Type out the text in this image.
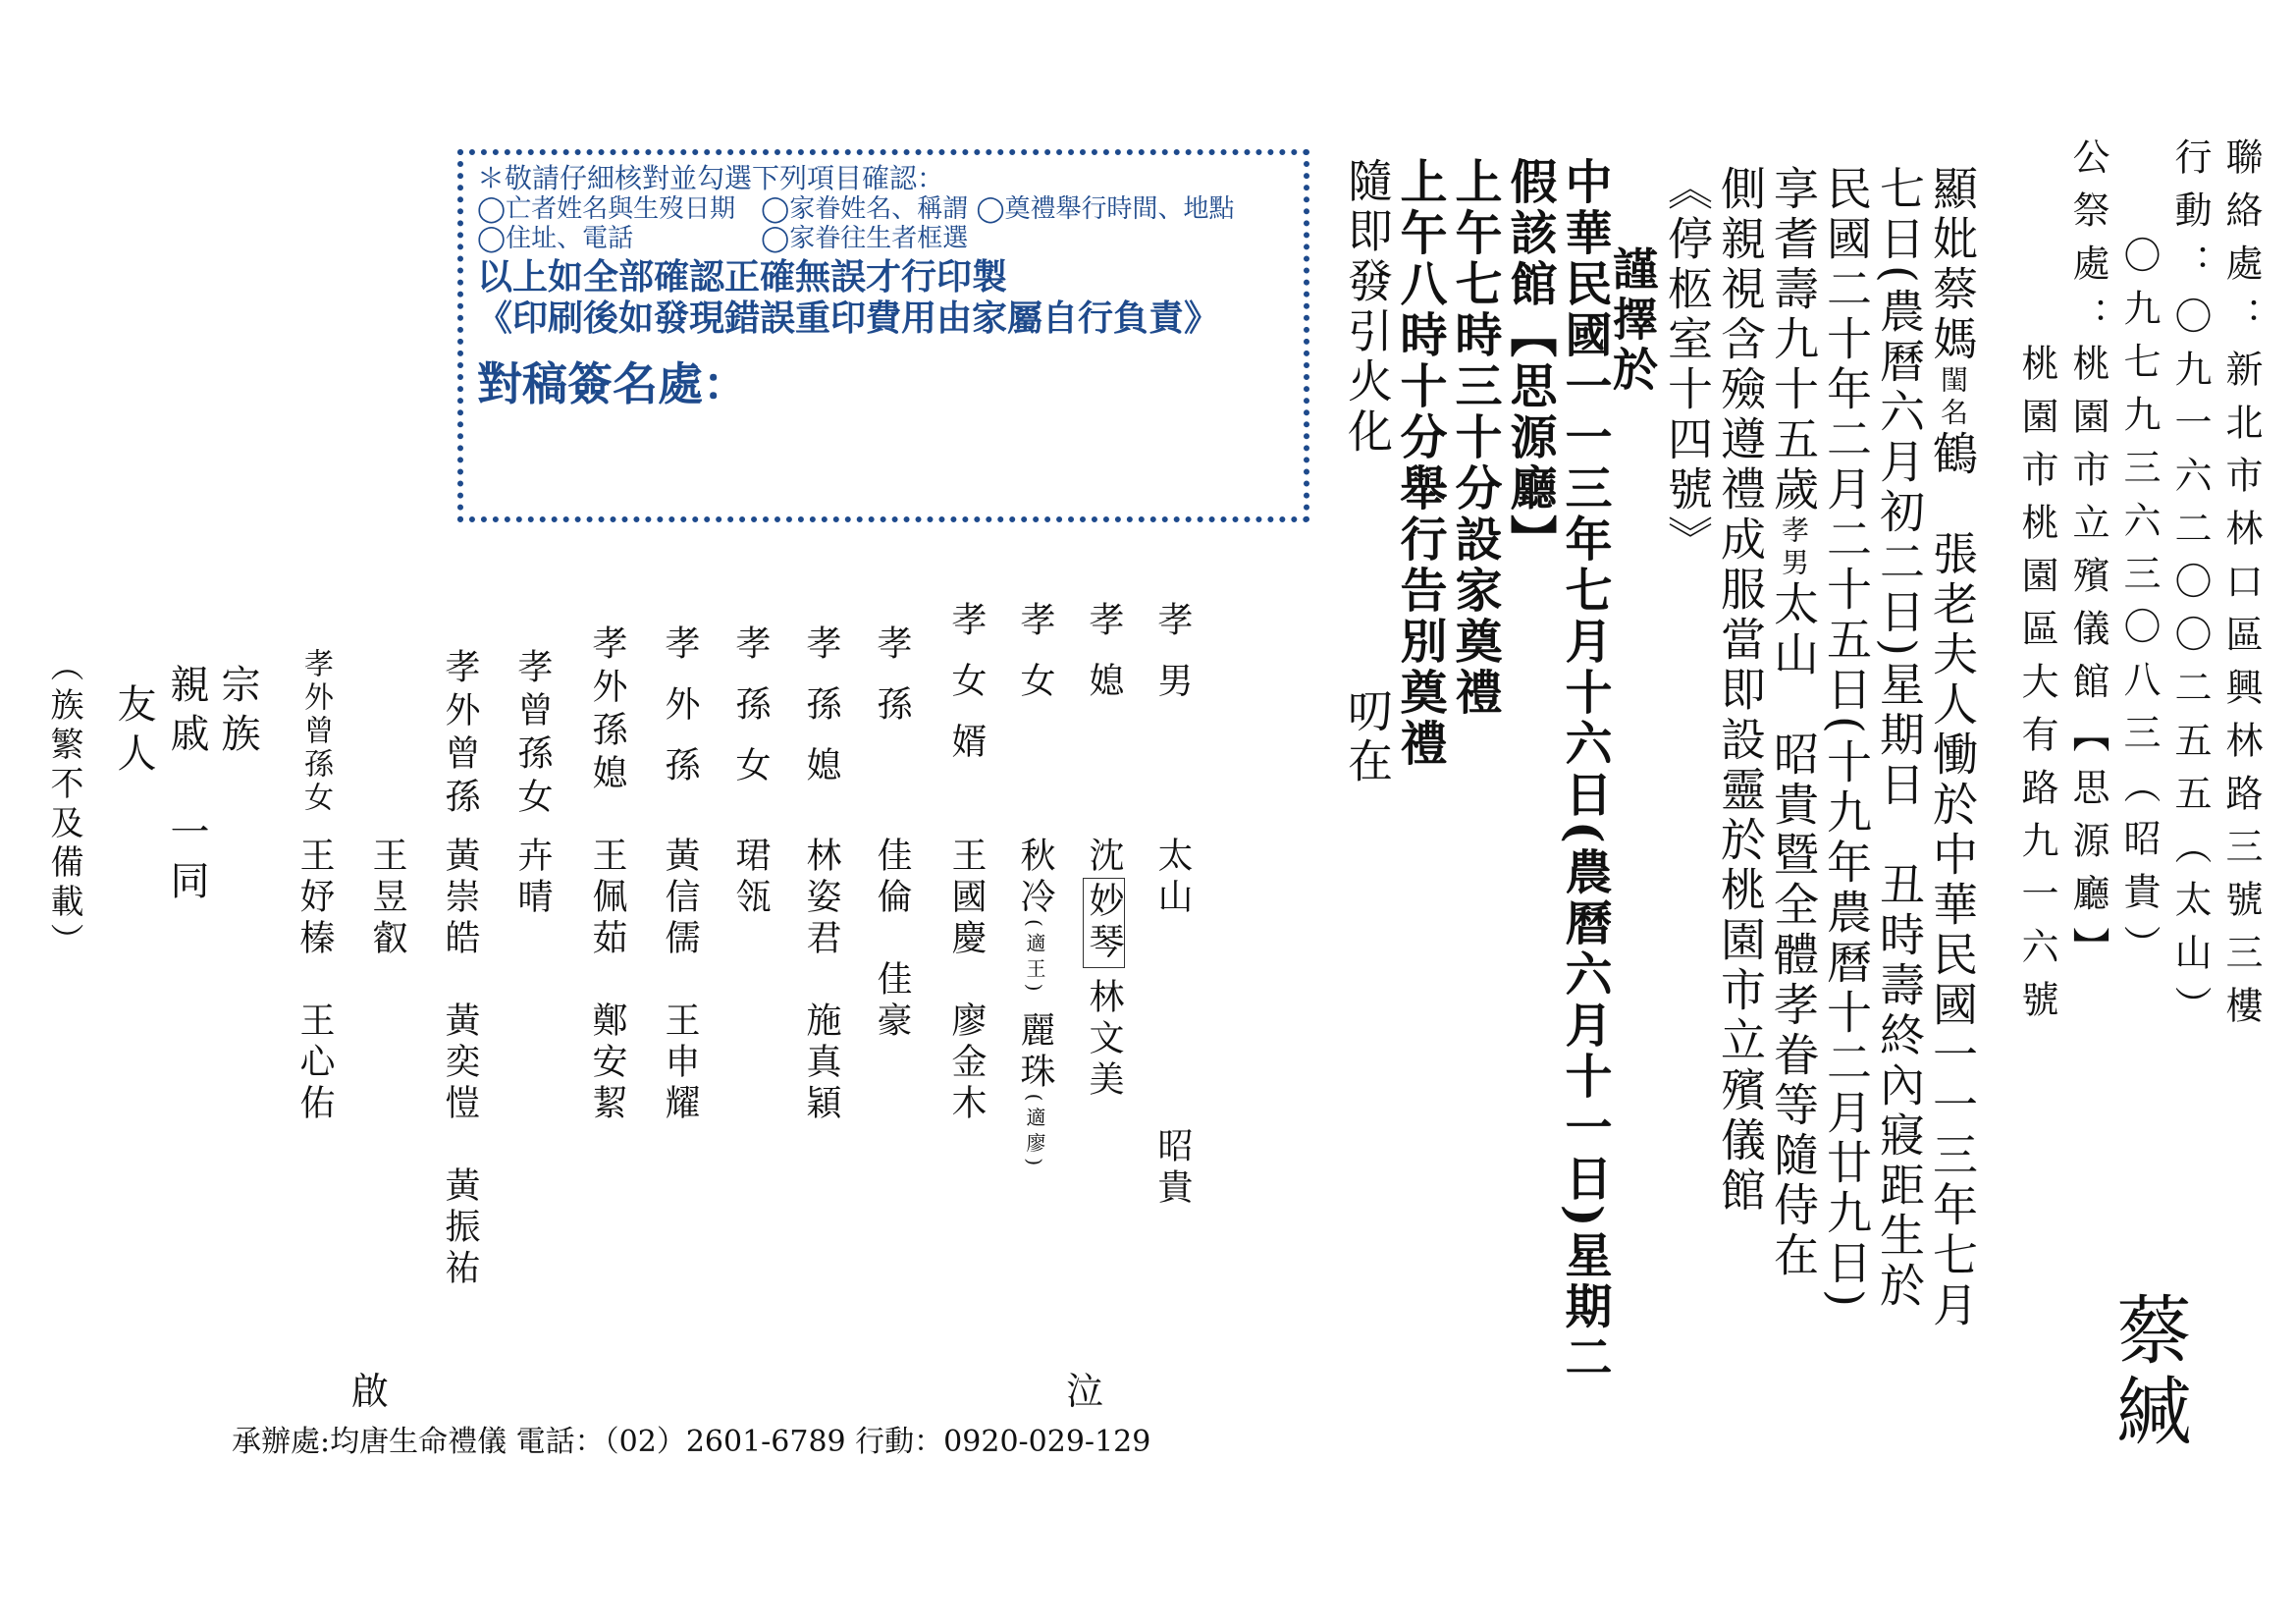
聯絡處：新北市林口區興林路三號三樓
行動：〇九一六二〇〇二五五（太山）
〇九七九三六三〇八三（昭貴）
公祭處：
桃園市立殯儀館【思源廳】
桃園市桃園區大有路九一六號
蔡緘
顯妣蔡媽閨名鶴　張老夫人慟於中華民國一一三年七月
七日(農曆六月初二日)星期日　丑時壽終內寢距生於
民國二十年二月二十五日(十九年農曆十二月廿九日)
享耆壽九十五歲孝男太山　昭貴暨全體孝眷等隨侍在
側親視含殮遵禮成服當即設靈於桃園市立殯儀館
《停柩室十四號》
謹擇於
中華民國一一三年七月十六日(農曆六月十一日)星期二
假該館【思源廳】
上午七時三十分設家奠禮
上午八時十分舉行告別奠禮
隨即發引火化
叨在
＊敬請仔細核對並勾選下列項目確認：
◯亡者姓名與生歿日期　◯家眷姓名、稱謂 ◯奠禮舉行時間、地點
◯住址、電話　　　　　◯家眷往生者框選
以上如全部確認正確無誤才行印製
《印刷後如發現錯誤重印費用由家屬自行負責》
對稿簽名處：
孝男
太山
昭貴
孝媳
沈妙琴林文美
孝女
秋冷(適王)麗珠(適廖)
孝女婿
王國慶　廖金木
孝孫
佳倫　佳豪
孝孫媳
林姿君　施真穎
孝孫女
珺瓴
孝外孫
黃信儒　王申耀
孝外孫媳
王佩茹　鄭安絜
孝曾孫女
卉晴
孝外曾孫
黃崇皓　黃奕愷　黃振祐
王昱叡
孝外曾孫女
王妤榛　王心佑
宗族
親戚　一同
友人
（族繁不及備載）
泣
啟
承辦處:均唐生命禮儀 電話：（02）2601-6789 行動：0920-029-129
